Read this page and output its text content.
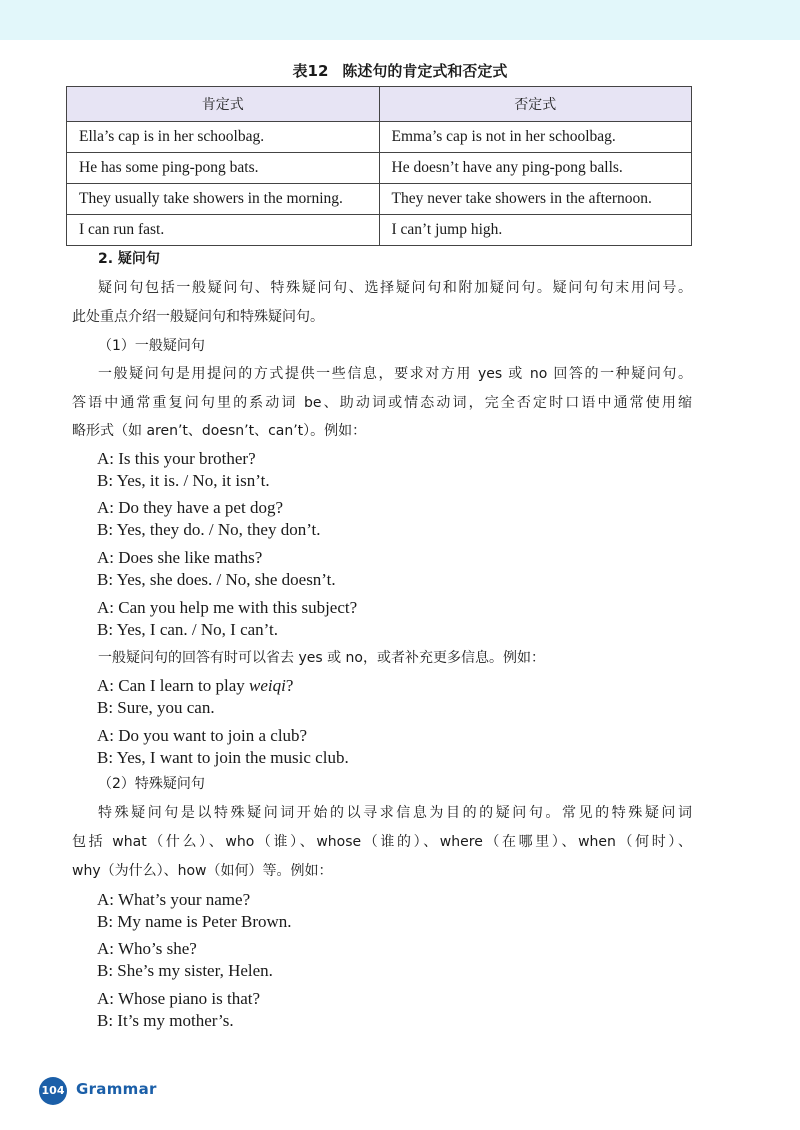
表12 陈述句的肯定式和否定式
肯定式	否定式
Ella’s cap is in her schoolbag.	Emma’s cap is not in her schoolbag.
He has some ping-pong bats.	He doesn’t have any ping-pong balls.
They usually take showers in the morning.	They never take showers in the afternoon.
I can run fast.	I can’t jump high.
2. 疑问句
疑问句包括一般疑问句、特殊疑问句、选择疑问句和附加疑问句。疑问句句末用问号。
此处重点介绍一般疑问句和特殊疑问句。
（1）一般疑问句
一般疑问句是用提问的方式提供一些信息，要求对方用 yes 或 no 回答的一种疑问句。
答语中通常重复问句里的系动词 be、助动词或情态动词，完全否定时口语中通常使用缩
略形式（如 aren’t、doesn’t、can’t）。例如：
A: Is this your brother?
B: Yes, it is. / No, it isn’t.
A: Do they have a pet dog?
B: Yes, they do. / No, they don’t.
A: Does she like maths?
B: Yes, she does. / No, she doesn’t.
A: Can you help me with this subject?
B: Yes, I can. / No, I can’t.
一般疑问句的回答有时可以省去 yes 或 no，或者补充更多信息。例如：
A: Can I learn to play weiqi?
B: Sure, you can.
A: Do you want to join a club?
B: Yes, I want to join the music club.
（2）特殊疑问句
特殊疑问句是以特殊疑问词开始的以寻求信息为目的的疑问句。常见的特殊疑问词
包括 what（什么）、who（谁）、whose（谁的）、where（在哪里）、when（何时）、
why（为什么）、how（如何）等。例如：
A: What’s your name?
B: My name is Peter Brown.
A: Who’s she?
B: She’s my sister, Helen.
A: Whose piano is that?
B: It’s my mother’s.
104 Grammar
